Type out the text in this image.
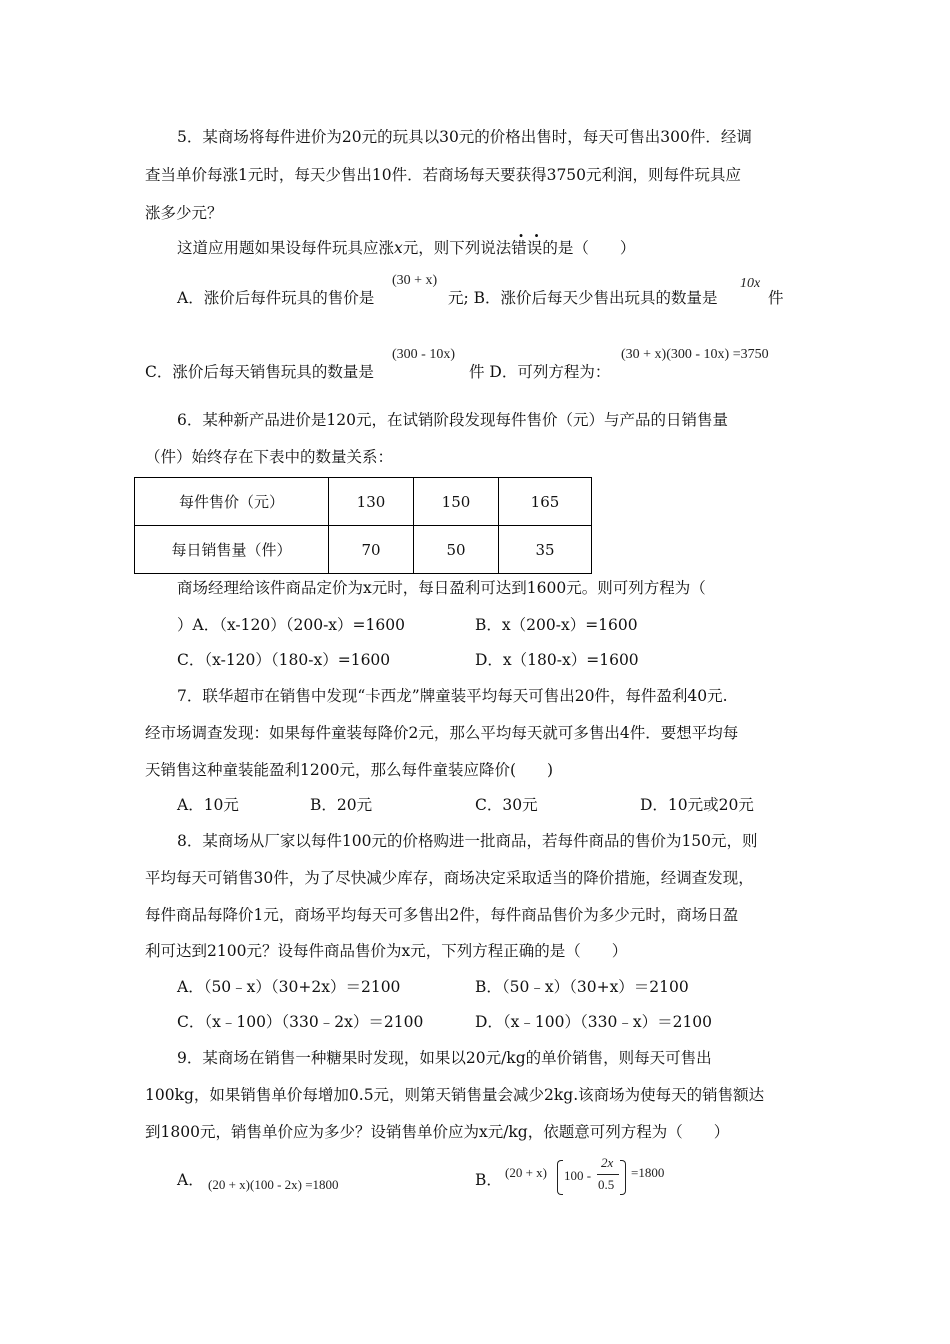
5．某商场将每件进价为20元的玩具以30元的价格出售时，每天可售出300件．经调
查当单价每涨1元时，每天少售出10件．若商场每天要获得3750元利润，则每件玩具应
涨多少元？
这道应用题如果设每件玩具应涨x元，则下列说法错误的是（　　）
A．涨价后每件玩具的售价是
(30 + x)
元; B．涨价后每天少售出玩具的数量是
10x
件
C．涨价后每天销售玩具的数量是
(300 - 10x)
件 D．可列方程为：
(30 + x)(300 - 10x) =3750
6．某种新产品进价是120元，在试销阶段发现每件售价（元）与产品的日销售量
（件）始终存在下表中的数量关系：
每件售价（元）	130	150	165
每日销售量（件）	70	50	35
商场经理给该件商品定价为x元时，每日盈利可达到1600元。则可列方程为（
）A．（x-120）（200-x）=1600	B．x（200-x）=1600
C．（x-120）（180-x）=1600	D．x（180-x）=1600
7．联华超市在销售中发现“卡西龙”牌童装平均每天可售出20件，每件盈利40元.
经市场调查发现：如果每件童装每降价2元，那么平均每天就可多售出4件．要想平均每
天销售这种童装能盈利1200元，那么每件童装应降价(　　)
A．10元	B．20元	C．30元	D．10元或20元
8．某商场从厂家以每件100元的价格购进一批商品，若每件商品的售价为150元，则
平均每天可销售30件，为了尽快减少库存，商场决定采取适当的降价措施，经调查发现，
每件商品每降价1元，商场平均每天可多售出2件，每件商品售价为多少元时，商场日盈
利可达到2100元？设每件商品售价为x元，下列方程正确的是（　　）
A．（50﹣x）（30+2x）＝2100	B．（50﹣x）（30+x）＝2100
C．（x﹣100）（330﹣2x）＝2100	D．（x﹣100）（330﹣x）＝2100
9．某商场在销售一种糖果时发现，如果以20元/kg的单价销售，则每天可售出
100kg，如果销售单价每增加0.5元，则第天销售量会减少2kg.该商场为使每天的销售额达
到1800元，销售单价应为多少？设销售单价应为x元/kg，依题意可列方程为（　　）
A． (20 + x)(100 - 2x) =1800	B． (20 + x) 100 -
2x
0.5
=1800
